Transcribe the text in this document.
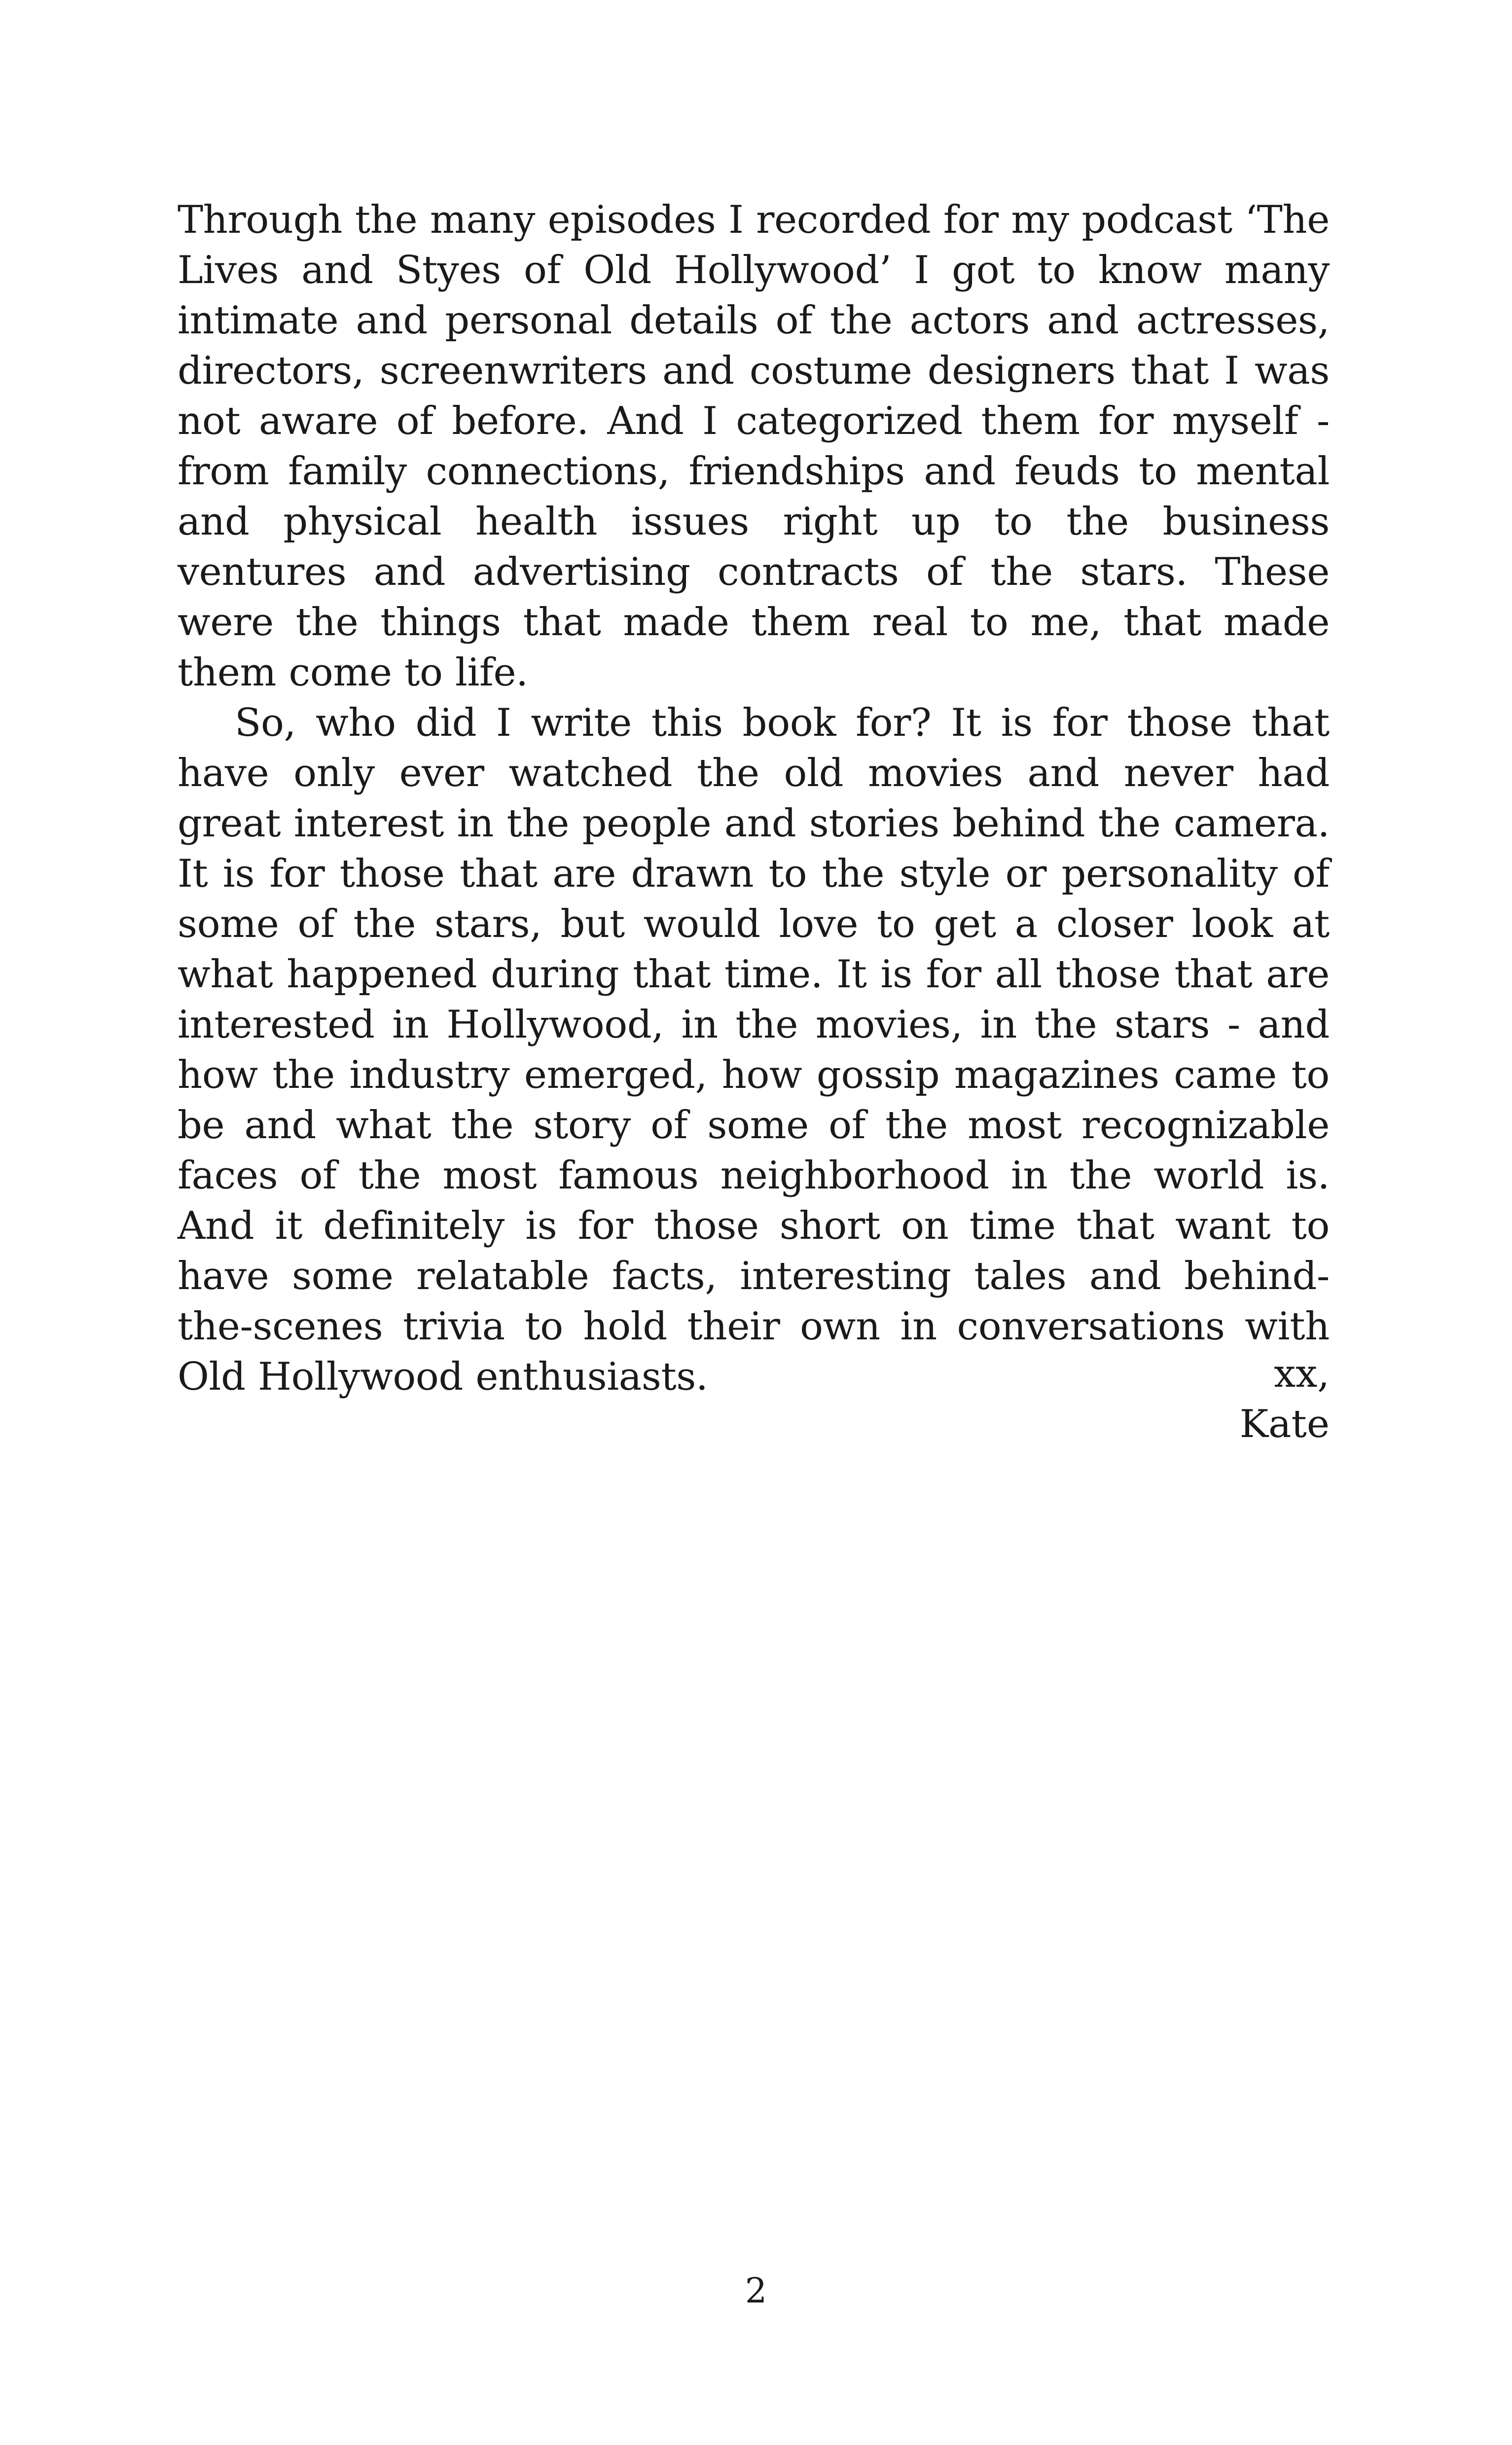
Through the many episodes I recorded for my podcast ‘The Lives and Styes of Old Hollywood’ I got to know many intimate and personal details of the actors and actresses, directors, screenwriters and costume designers that I was not aware of before. And I categorized them for myself - from family connections, friendships and feuds to mental and physical health issues right up to the business ventures and advertising contracts of the stars. These were the things that made them real to me, that made them come to life.

So, who did I write this book for? It is for those that have only ever watched the old movies and never had great interest in the people and stories behind the camera. It is for those that are drawn to the style or personality of some of the stars, but would love to get a closer look at what happened during that time. It is for all those that are interested in Hollywood, in the movies, in the stars - and how the industry emerged, how gossip magazines came to be and what the story of some of the most recognizable faces of the most famous neighborhood in the world is. And it definitely is for those short on time that want to have some relatable facts, interesting tales and behind-the-scenes trivia to hold their own in conversations with Old Hollywood enthusiasts.	xx,
Kate
2
